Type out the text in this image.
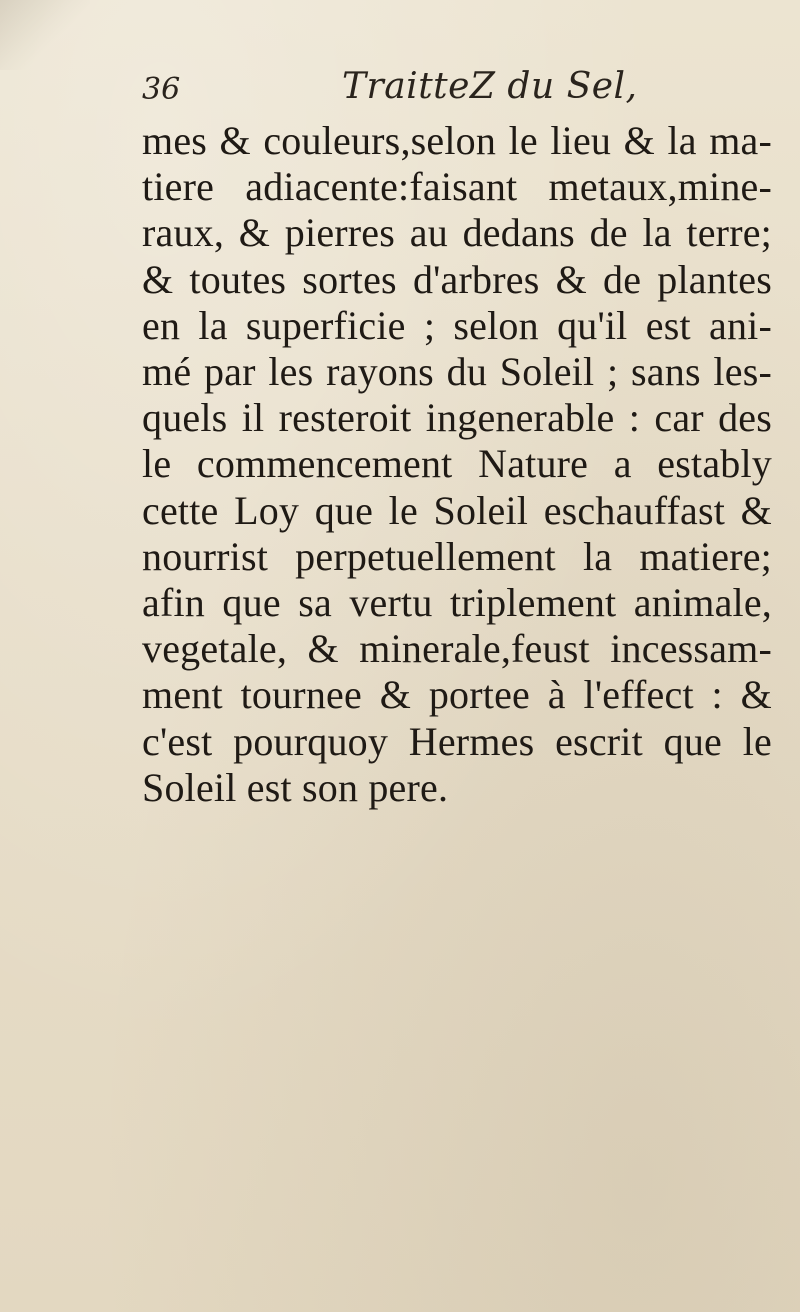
36	TraitteZ du Sel,
mes & couleurs,selon le lieu & la ma-
tiere adiacente:faisant metaux,mine-
raux, & pierres au dedans de la terre;
& toutes sortes d'arbres & de plantes
en la superficie ; selon qu'il est ani-
mé par les rayons du Soleil ; sans les-
quels il resteroit ingenerable : car des
le commencement Nature a estably
cette Loy que le Soleil eschauffast &
nourrist perpetuellement la matiere;
afin que sa vertu triplement animale,
vegetale, & minerale,feust incessam-
ment tournee & portee à l'effect : &
c'est pourquoy Hermes escrit que le
Soleil est son pere.
